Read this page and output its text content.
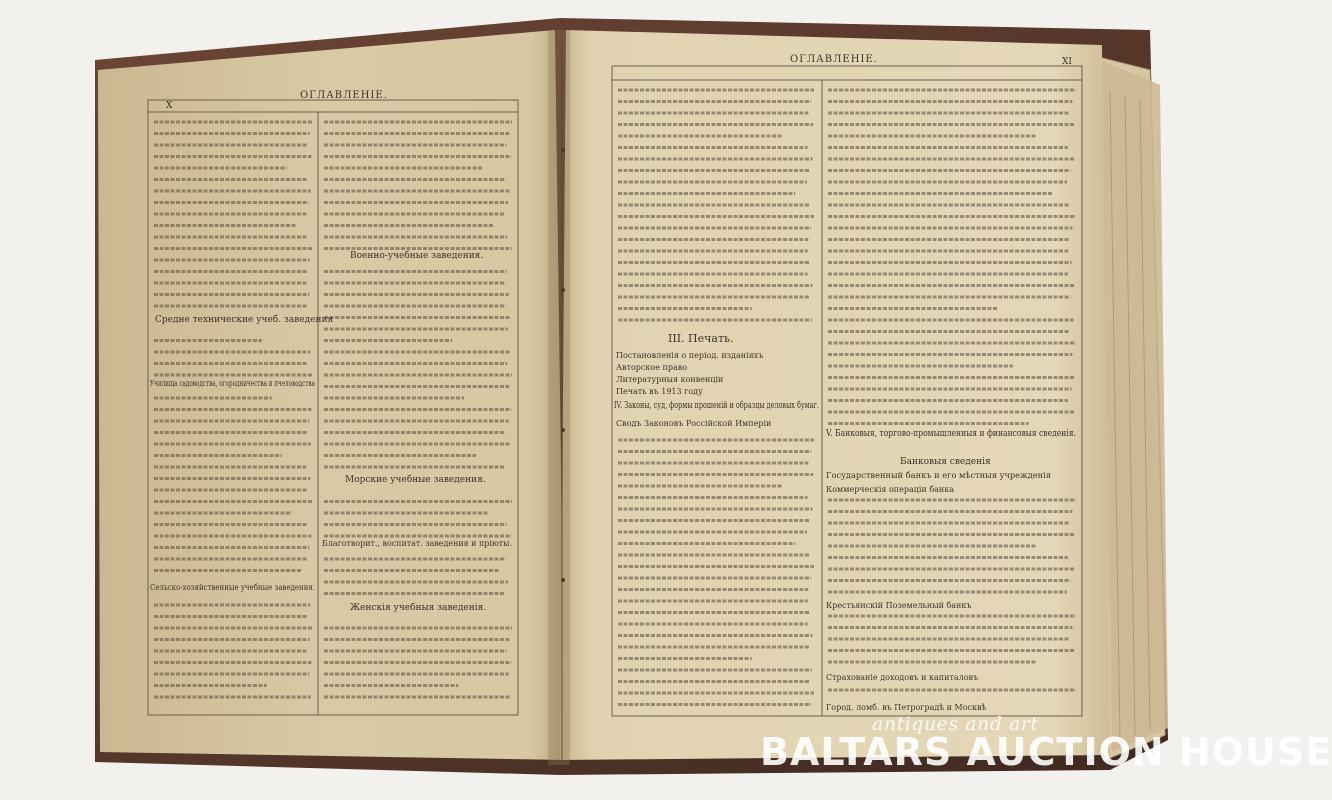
Х
ОГЛАВЛЕНІЕ.
ОГЛАВЛЕНІЕ.	XI
Средне технические учеб. заведения
Училища садоводства, огородничества и пчеловодства
Сельско-хозяйственные учебные заведения.
Военно-учебные заведения.
Морские учебные заведения.
Благотворит., воспитат. заведения и пріюты.
Женскія учебныя заведенія.
III. Печать.
IV. Законы, суд, формы прошеній и образцы деловых бумаг.
V. Банковыя, торгово-промышленныя и финансовыя сведенія.
Банковыя сведенія
Постановленія о період. изданіяхъ
Авторское право
Литературныя конвенціи
Печать въ 1913 году
Сводъ Законовъ Россійской Имперіи
Государственный банкъ и его мѣстныя учрежденія
Коммерческія операціи банка
Крестьянскій Поземельный банкъ
Страхованіе доходовъ и капиталовъ
Город. ломб. въ Петроградѣ и Москвѣ
antiques and art
BALTARS AUCTION HOUSE
